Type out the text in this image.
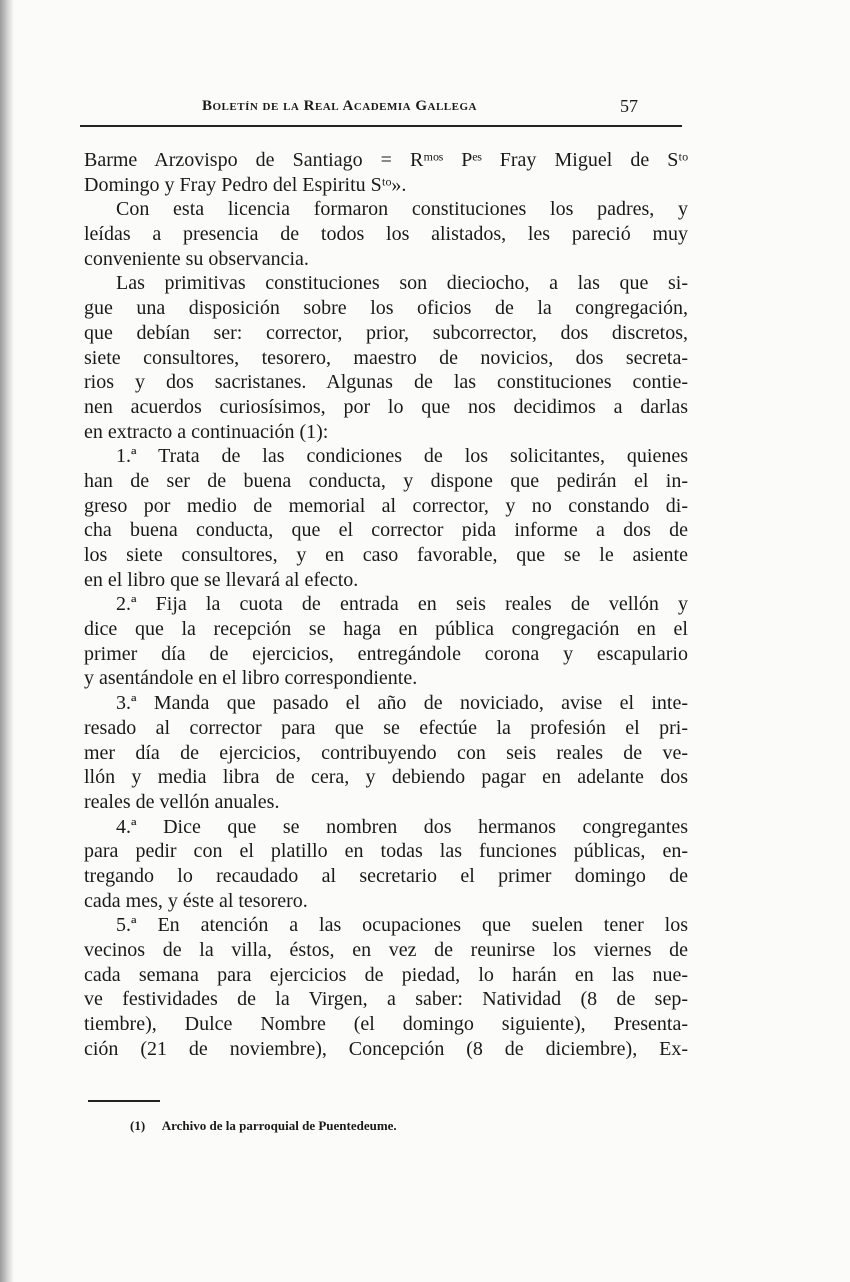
Boletín de la Real Academia Gallega	57
Barme Arzovispo de Santiago = Rᵐᵒˢ Pᵉˢ Fray Miguel de Sᵗᵒ
Domingo y Fray Pedro del Espiritu Sᵗᵒ».
Con esta licencia formaron constituciones los padres, y
leídas a presencia de todos los alistados, les pareció muy
conveniente su observancia.
Las primitivas constituciones son dieciocho, a las que si-
gue una disposición sobre los oficios de la congregación,
que debían ser: corrector, prior, subcorrector, dos discretos,
siete consultores, tesorero, maestro de novicios, dos secreta-
rios y dos sacristanes. Algunas de las constituciones contie-
nen acuerdos curiosísimos, por lo que nos decidimos a darlas
en extracto a continuación (1):
1.ª Trata de las condiciones de los solicitantes, quienes
han de ser de buena conducta, y dispone que pedirán el in-
greso por medio de memorial al corrector, y no constando di-
cha buena conducta, que el corrector pida informe a dos de
los siete consultores, y en caso favorable, que se le asiente
en el libro que se llevará al efecto.
2.ª Fija la cuota de entrada en seis reales de vellón y
dice que la recepción se haga en pública congregación en el
primer día de ejercicios, entregándole corona y escapulario
y asentándole en el libro correspondiente.
3.ª Manda que pasado el año de noviciado, avise el inte-
resado al corrector para que se efectúe la profesión el pri-
mer día de ejercicios, contribuyendo con seis reales de ve-
llón y media libra de cera, y debiendo pagar en adelante dos
reales de vellón anuales.
4.ª Dice que se nombren dos hermanos congregantes
para pedir con el platillo en todas las funciones públicas, en-
tregando lo recaudado al secretario el primer domingo de
cada mes, y éste al tesorero.
5.ª En atención a las ocupaciones que suelen tener los
vecinos de la villa, éstos, en vez de reunirse los viernes de
cada semana para ejercicios de piedad, lo harán en las nue-
ve festividades de la Virgen, a saber: Natividad (8 de sep-
tiembre), Dulce Nombre (el domingo siguiente), Presenta-
ción (21 de noviembre), Concepción (8 de diciembre), Ex-
(1) Archivo de la parroquial de Puentedeume.
